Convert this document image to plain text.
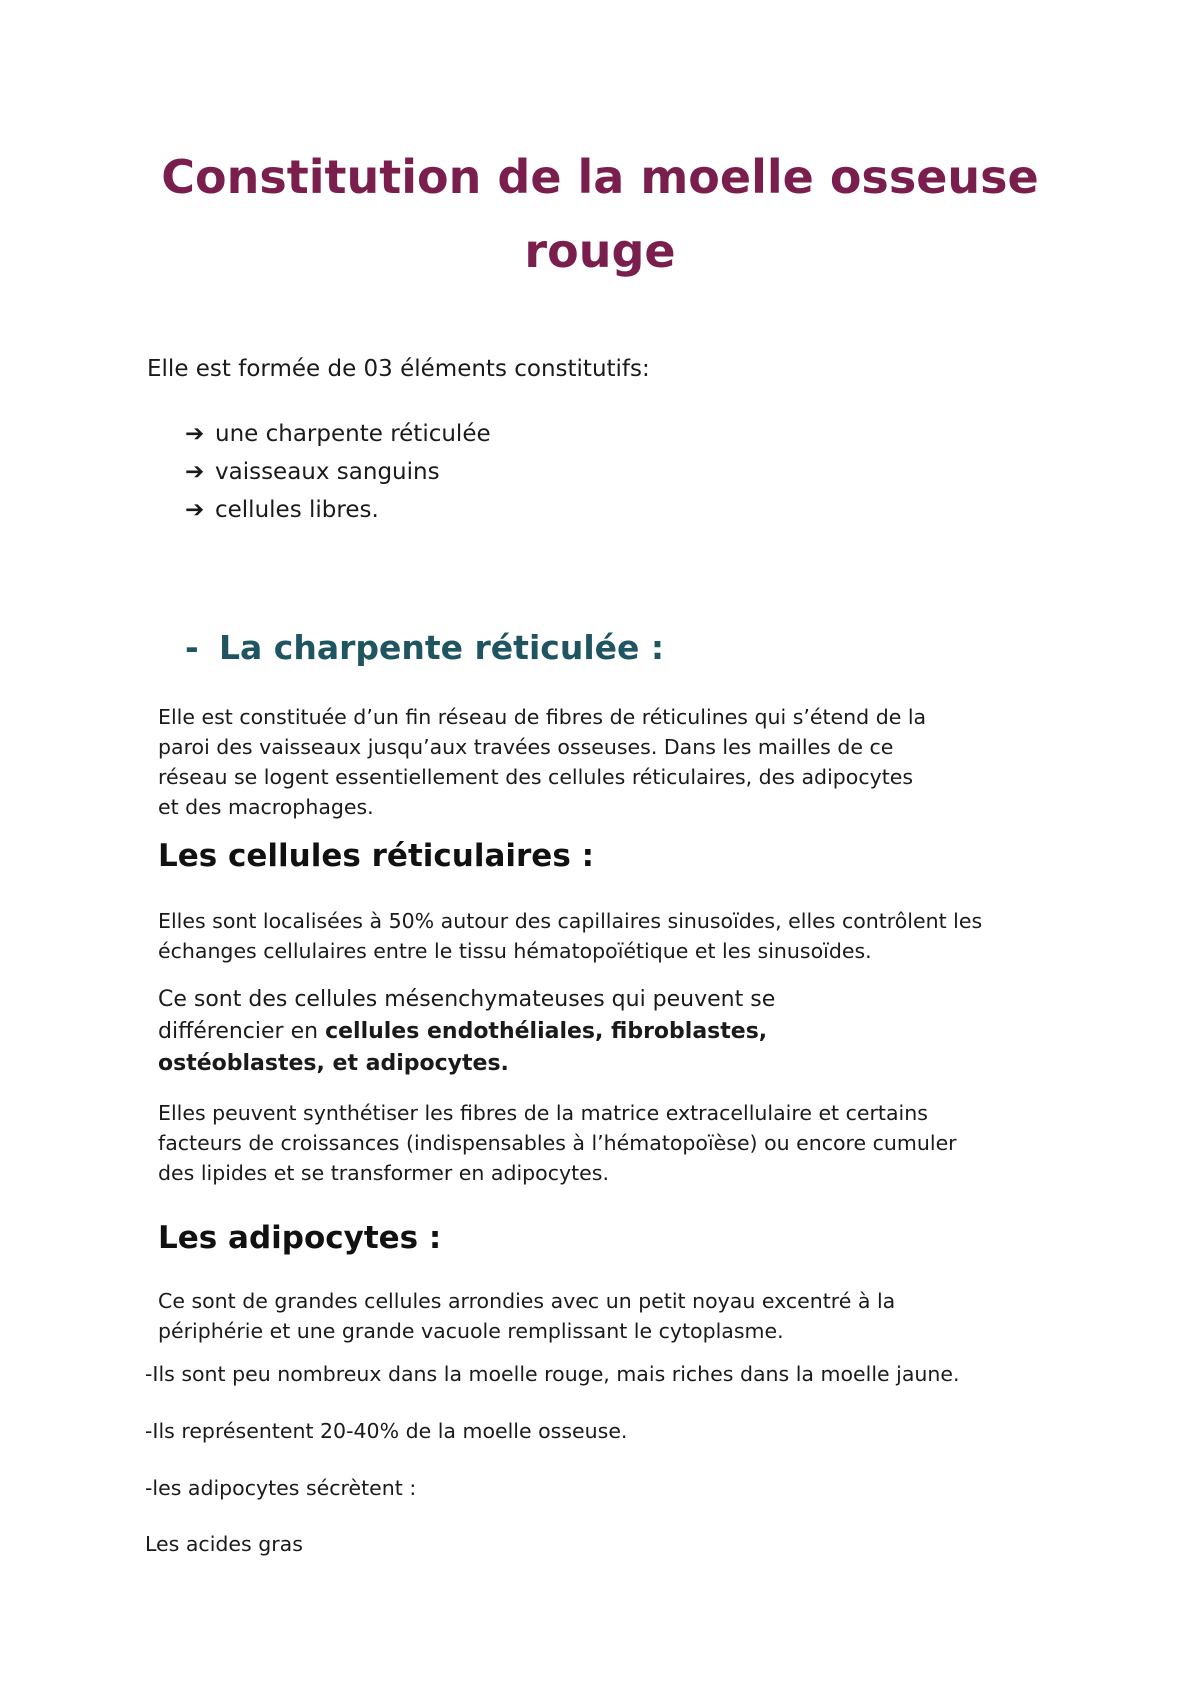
Constitution de la moelle osseuse
rouge

Elle est formée de 03 éléments constitutifs:

➔ une charpente réticulée
➔ vaisseaux sanguins
➔ cellules libres.
- La charpente réticulée :
Elle est constituée d’un fin réseau de fibres de réticulines qui s’étend de la
paroi des vaisseaux jusqu’aux travées osseuses. Dans les mailles de ce
réseau se logent essentiellement des cellules réticulaires, des adipocytes
et des macrophages.
Les cellules réticulaires :
Elles sont localisées à 50% autour des capillaires sinusoïdes, elles contrôlent les
échanges cellulaires entre le tissu hématopoïétique et les sinusoïdes.
Ce sont des cellules mésenchymateuses qui peuvent se
différencier en cellules endothéliales, fibroblastes,
ostéoblastes, et adipocytes.
Elles peuvent synthétiser les fibres de la matrice extracellulaire et certains
facteurs de croissances (indispensables à l’hématopoïèse) ou encore cumuler
des lipides et se transformer en adipocytes.
Les adipocytes :
Ce sont de grandes cellules arrondies avec un petit noyau excentré à la
périphérie et une grande vacuole remplissant le cytoplasme.

-Ils sont peu nombreux dans la moelle rouge, mais riches dans la moelle jaune.

-Ils représentent 20-40% de la moelle osseuse.

-les adipocytes sécrètent :

Les acides gras
